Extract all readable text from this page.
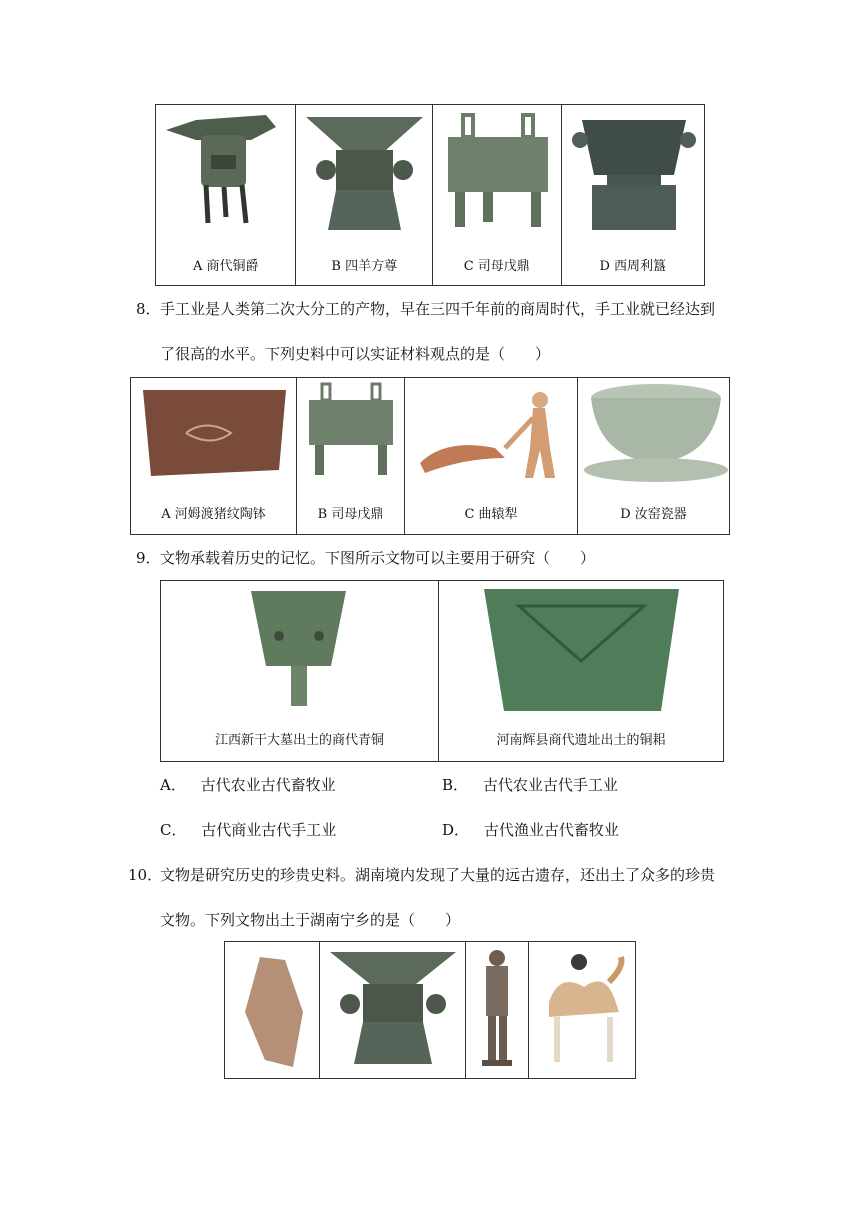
A 商代铜爵	B 四羊方尊	C 司母戊鼎	D 西周利簋
8． 手工业是人类第二次大分工的产物，早在三四千年前的商周时代，手工业就已经达到
了很高的水平。下列史料中可以实证材料观点的是（　　）
A 河姆渡猪纹陶钵	B 司母戊鼎	C 曲辕犁	D 汝窑瓷器
9． 文物承载着历史的记忆。下图所示文物可以主要用于研究（　　）
江西新干大墓出土的商代青铜	河南辉县商代遗址出土的铜耜
A． 古代农业古代畜牧业	B． 古代农业古代手工业
C． 古代商业古代手工业	D． 古代渔业古代畜牧业
10．
文物是研究历史的珍贵史料。湖南境内发现了大量的远古遗存，还出土了众多的珍贵
文物。下列文物出土于湖南宁乡的是（　　）
